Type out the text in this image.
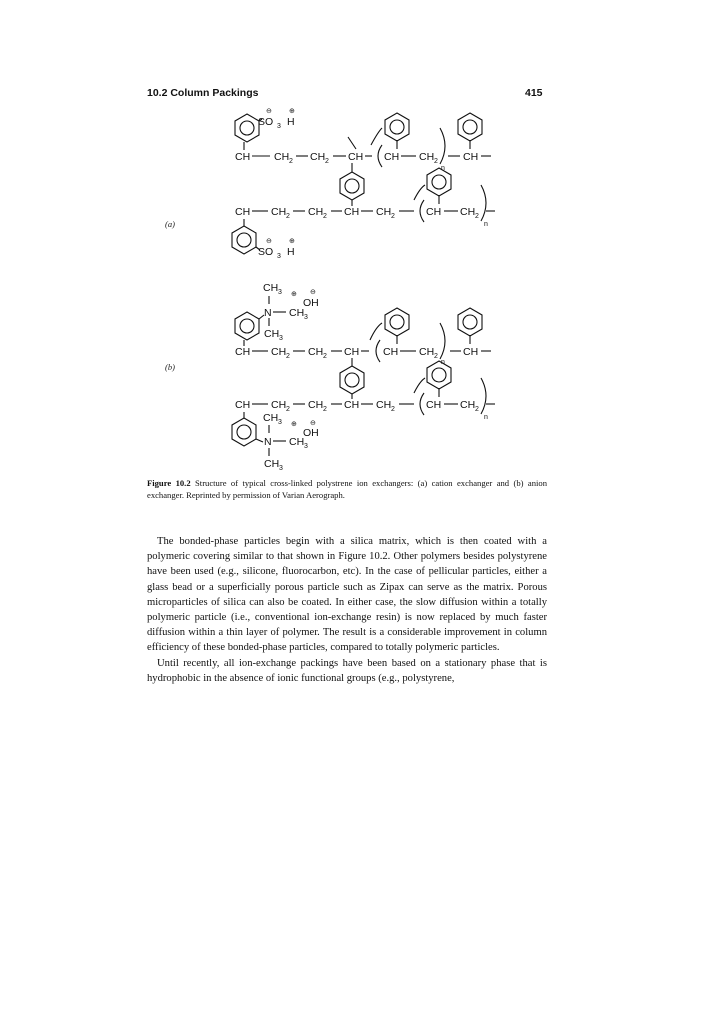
10.2 Column Packings	415
⊖ ⊕
SO 3 H
CH CH 2 CH 2 CH CH CH 2
n
CH
CH CH 2 CH 2 CH CH 2	CH CH 2
n
⊖ ⊕
SO 3 H
(a)
CH 3 ⊕ ⊖
OH
N CH 3
CH 3
CH CH 2 CH 2 CH CH CH 2
n
CH
CH CH 2 CH 2 CH CH 2	CH CH 2
n
CH 3 ⊕ ⊖
OH
N CH 3
CH 3
(b)
Figure 10.2 Structure of typical cross-linked polystrene ion exchangers: (a) cation exchanger and (b) anion exchanger. Reprinted by permission of Varian Aerograph.

The bonded-phase particles begin with a silica matrix, which is then coated with a polymeric covering similar to that shown in Figure 10.2. Other polymers besides polystyrene have been used (e.g., silicone, fluorocarbon, etc). In the case of pellicular particles, either a glass bead or a superficially porous particle such as Zipax can serve as the matrix. Porous microparticles of silica can also be coated. In either case, the slow diffusion within a totally polymeric particle (i.e., conventional ion-exchange resin) is now replaced by much faster diffusion within a thin layer of polymer. The result is a considerable improvement in column efficiency of these bonded-phase particles, compared to totally polymeric particles.

Until recently, all ion-exchange packings have been based on a stationary phase that is hydrophobic in the absence of ionic functional groups (e.g., polystyrene,
